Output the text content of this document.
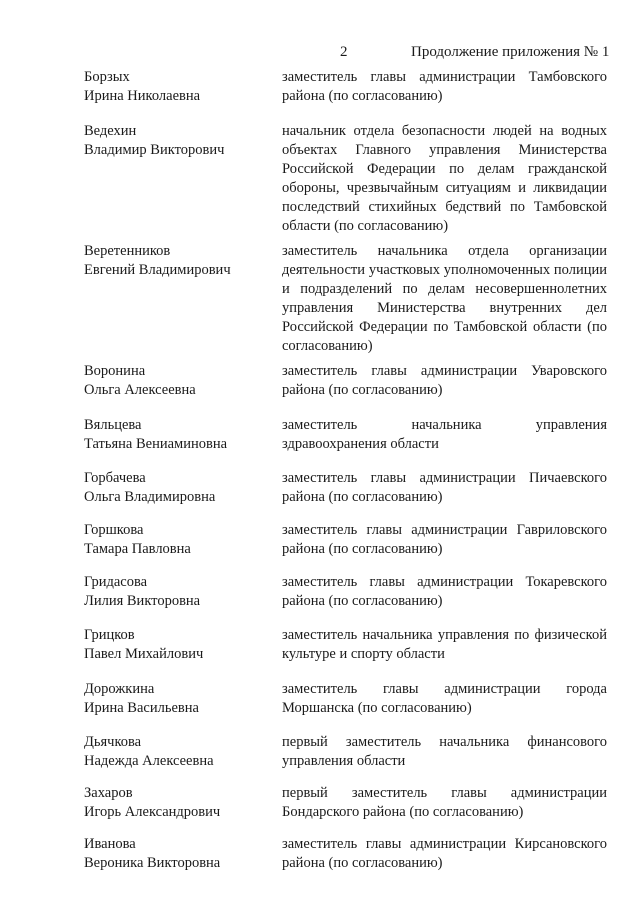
2	Продолжение приложения № 1
Борзых
Ирина Николаевна
заместитель главы администрации Тамбовского района (по согласованию)
Ведехин
Владимир Викторович
начальник отдела безопасности людей на водных объектах Главного управления Министерства Российской Федерации по делам гражданской обороны, чрезвычайным ситуациям и ликвидации последствий стихийных бедствий по Тамбовской области (по согласованию)
Веретенников
Евгений Владимирович
заместитель начальника отдела организации деятельности участковых уполномоченных полиции и подразделений по делам несовершеннолетних управления Министерства внутренних дел Российской Федерации по Тамбовской области (по согласованию)
Воронина
Ольга Алексеевна
заместитель главы администрации Уваровского района (по согласованию)
Вяльцева
Татьяна Вениаминовна
заместитель начальника управления здравоохранения области
Горбачева
Ольга Владимировна
заместитель главы администрации Пичаевского района (по согласованию)
Горшкова
Тамара Павловна
заместитель главы администрации Гавриловского района (по согласованию)
Гридасова
Лилия Викторовна
заместитель главы администрации Токаревского района (по согласованию)
Грицков
Павел Михайлович
заместитель начальника управления по физической культуре и спорту области
Дорожкина
Ирина Васильевна
заместитель главы администрации города Моршанска (по согласованию)
Дьячкова
Надежда Алексеевна
первый заместитель начальника финансового управления области
Захаров
Игорь Александрович
первый заместитель главы администрации Бондарского района (по согласованию)
Иванова
Вероника Викторовна
заместитель главы администрации Кирсановского района (по согласованию)
